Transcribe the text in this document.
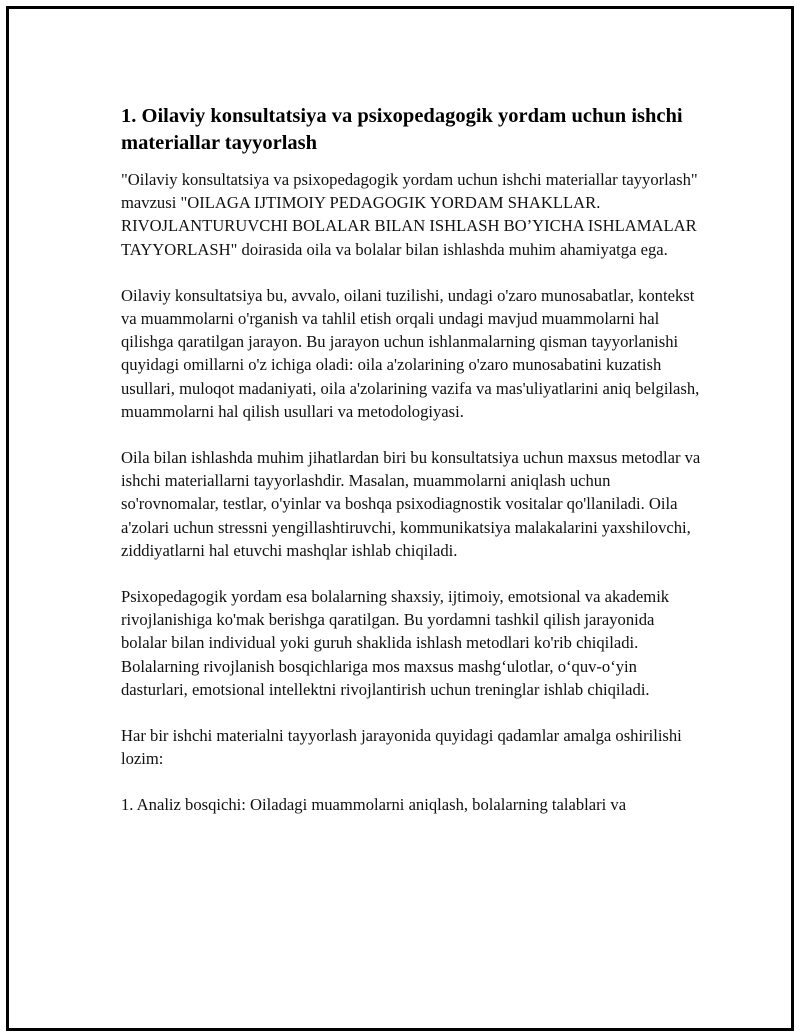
1. Oilaviy konsultatsiya va psixopedagogik yordam uchun ishchi materiallar tayyorlash

"Oilaviy konsultatsiya va psixopedagogik yordam uchun ishchi materiallar tayyorlash" mavzusi "OILAGA IJTIMOIY PEDAGOGIK YORDAM SHAKLLAR. RIVOJLANTURUVCHI BOLALAR BILAN ISHLASH BO’YICHA ISHLAMALAR TAYYORLASH" doirasida oila va bolalar bilan ishlashda muhim ahamiyatga ega.

Oilaviy konsultatsiya bu, avvalo, oilani tuzilishi, undagi o'zaro munosabatlar, kontekst va muammolarni o'rganish va tahlil etish orqali undagi mavjud muammolarni hal qilishga qaratilgan jarayon. Bu jarayon uchun ishlanmalarning qisman tayyorlanishi quyidagi omillarni o'z ichiga oladi: oila a'zolarining o'zaro munosabatini kuzatish usullari, muloqot madaniyati, oila a'zolarining vazifa va mas'uliyatlarini aniq belgilash, muammolarni hal qilish usullari va metodologiyasi.

Oila bilan ishlashda muhim jihatlardan biri bu konsultatsiya uchun maxsus metodlar va ishchi materiallarni tayyorlashdir. Masalan, muammolarni aniqlash uchun so'rovnomalar, testlar, o'yinlar va boshqa psixodiagnostik vositalar qo'llaniladi. Oila a'zolari uchun stressni yengillashtiruvchi, kommunikatsiya malakalarini yaxshilovchi, ziddiyatlarni hal etuvchi mashqlar ishlab chiqiladi.

Psixopedagogik yordam esa bolalarning shaxsiy, ijtimoiy, emotsional va akademik rivojlanishiga ko'mak berishga qaratilgan. Bu yordamni tashkil qilish jarayonida bolalar bilan individual yoki guruh shaklida ishlash metodlari ko'rib chiqiladi. Bolalarning rivojlanish bosqichlariga mos maxsus mashg‘ulotlar, o‘quv-o‘yin dasturlari, emotsional intellektni rivojlantirish uchun treninglar ishlab chiqiladi.

Har bir ishchi materialni tayyorlash jarayonida quyidagi qadamlar amalga oshirilishi lozim:

1. Analiz bosqichi: Oiladagi muammolarni aniqlash, bolalarning talablari va
